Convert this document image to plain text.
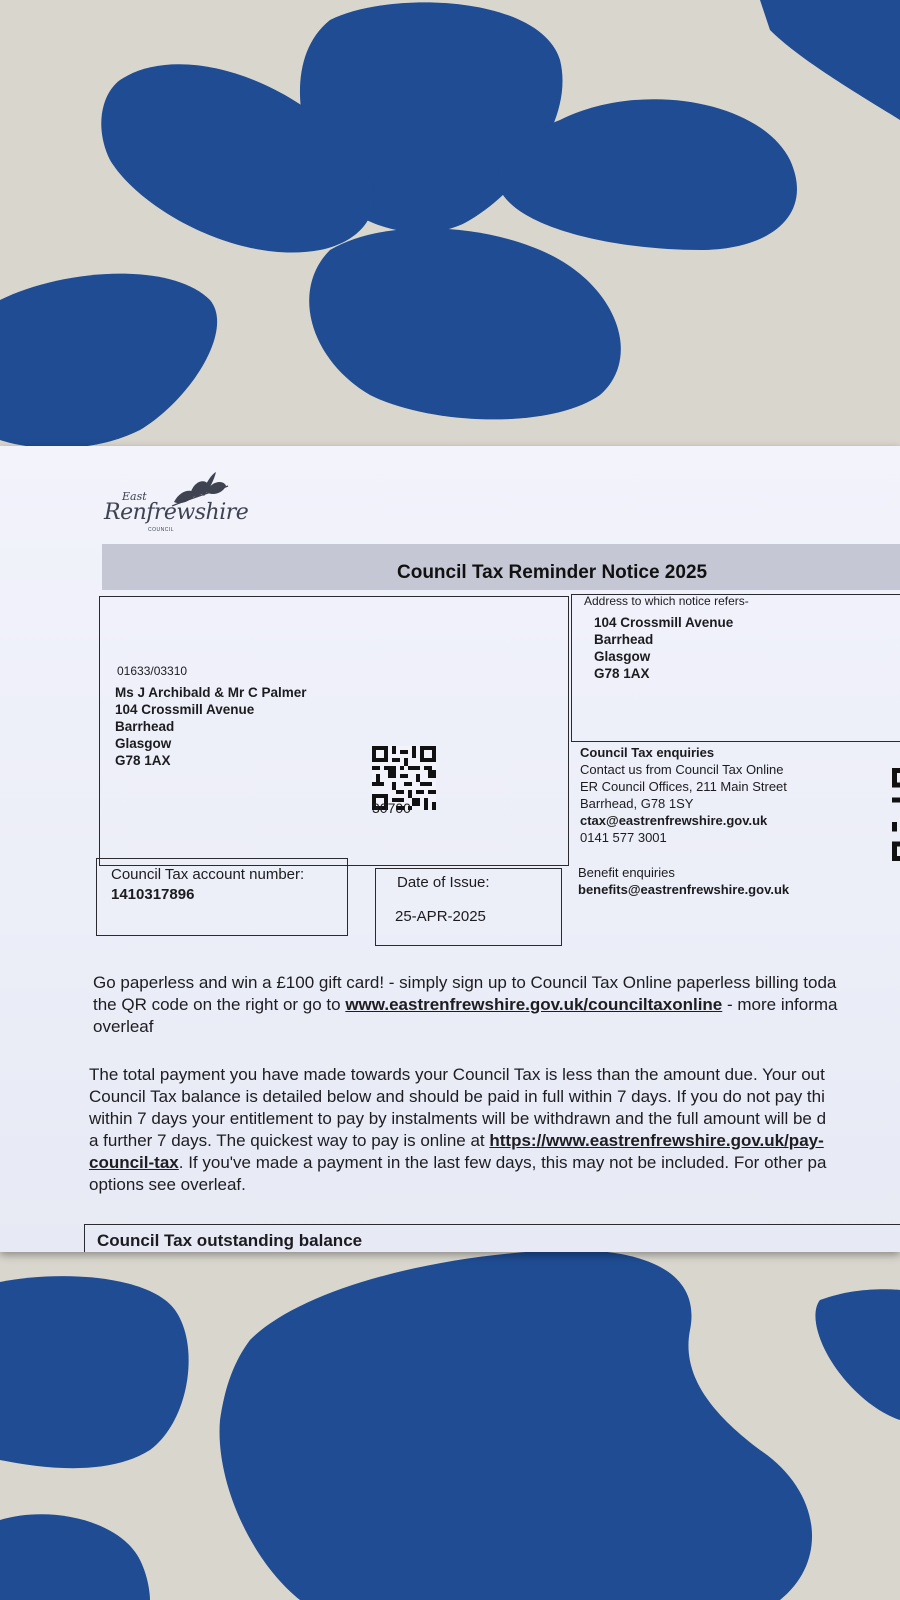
East
Renfrewshire
COUNCIL
Council Tax Reminder Notice 2025
01633/03310
Ms J Archibald & Mr C Palmer
104 Crossmill Avenue
Barrhead
Glasgow
G78 1AX
30700
Address to which notice refers-
104 Crossmill Avenue
Barrhead
Glasgow
G78 1AX
Council Tax enquiries
Contact us from Council Tax Online
ER Council Offices, 211 Main Street
Barrhead, G78 1SY
ctax@eastrenfrewshire.gov.uk
0141 577 3001
Benefit enquiries
benefits@eastrenfrewshire.gov.uk
Council Tax account number:
1410317896
Date of Issue:
25-APR-2025
Go paperless and win a £100 gift card! - simply sign up to Council Tax Online paperless billing toda
the QR code on the right or go to www.eastrenfrewshire.gov.uk/counciltaxonline - more informa
overleaf
The total payment you have made towards your Council Tax is less than the amount due. Your out
Council Tax balance is detailed below and should be paid in full within 7 days. If you do not pay thi
within 7 days your entitlement to pay by instalments will be withdrawn and the full amount will be d
a further 7 days. The quickest way to pay is online at https://www.eastrenfrewshire.gov.uk/pay-
council-tax. If you've made a payment in the last few days, this may not be included. For other pa
options see overleaf.
Council Tax outstanding balance
